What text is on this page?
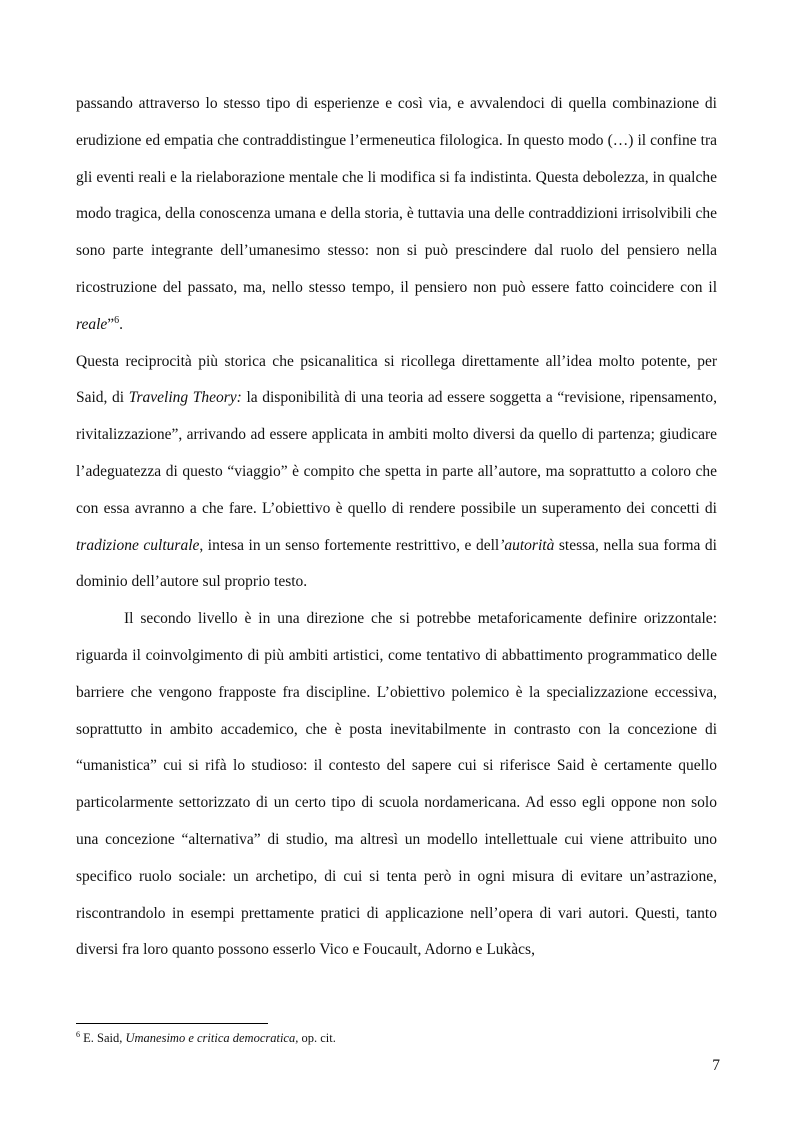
passando attraverso lo stesso tipo di esperienze e così via, e avvalendoci di quella combinazione di erudizione ed empatia che contraddistingue l’ermeneutica filologica. In questo modo (…) il confine tra gli eventi reali e la rielaborazione mentale che li modifica si fa indistinta. Questa debolezza, in qualche modo tragica, della conoscenza umana e della storia, è tuttavia una delle contraddizioni irrisolvibili che sono parte integrante dell’umanesimo stesso: non si può prescindere dal ruolo del pensiero nella ricostruzione del passato, ma, nello stesso tempo, il pensiero non può essere fatto coincidere con il reale”$^6$.

Questa reciprocità più storica che psicanalitica si ricollega direttamente all’idea molto potente, per Said, di Traveling Theory: la disponibilità di una teoria ad essere soggetta a “revisione, ripensamento, rivitalizzazione”, arrivando ad essere applicata in ambiti molto diversi da quello di partenza; giudicare l’adeguatezza di questo “viaggio” è compito che spetta in parte all’autore, ma soprattutto a coloro che con essa avranno a che fare. L’obiettivo è quello di rendere possibile un superamento dei concetti di tradizione culturale, intesa in un senso fortemente restrittivo, e dell’autorità stessa, nella sua forma di dominio dell’autore sul proprio testo.

Il secondo livello è in una direzione che si potrebbe metaforicamente definire orizzontale: riguarda il coinvolgimento di più ambiti artistici, come tentativo di abbattimento programmatico delle barriere che vengono frapposte fra discipline. L’obiettivo polemico è la specializzazione eccessiva, soprattutto in ambito accademico, che è posta inevitabilmente in contrasto con la concezione di “umanistica” cui si rifà lo studioso: il contesto del sapere cui si riferisce Said è certamente quello particolarmente settorizzato di un certo tipo di scuola nordamericana. Ad esso egli oppone non solo una concezione “alternativa” di studio, ma altresì un modello intellettuale cui viene attribuito uno specifico ruolo sociale: un archetipo, di cui si tenta però in ogni misura di evitare un’astrazione, riscontrandolo in esempi prettamente pratici di applicazione nell’opera di vari autori. Questi, tanto diversi fra loro quanto possono esserlo Vico e Foucault, Adorno e Lukàcs,

$^6$ E. Said, Umanesimo e critica democratica, op. cit.

7
